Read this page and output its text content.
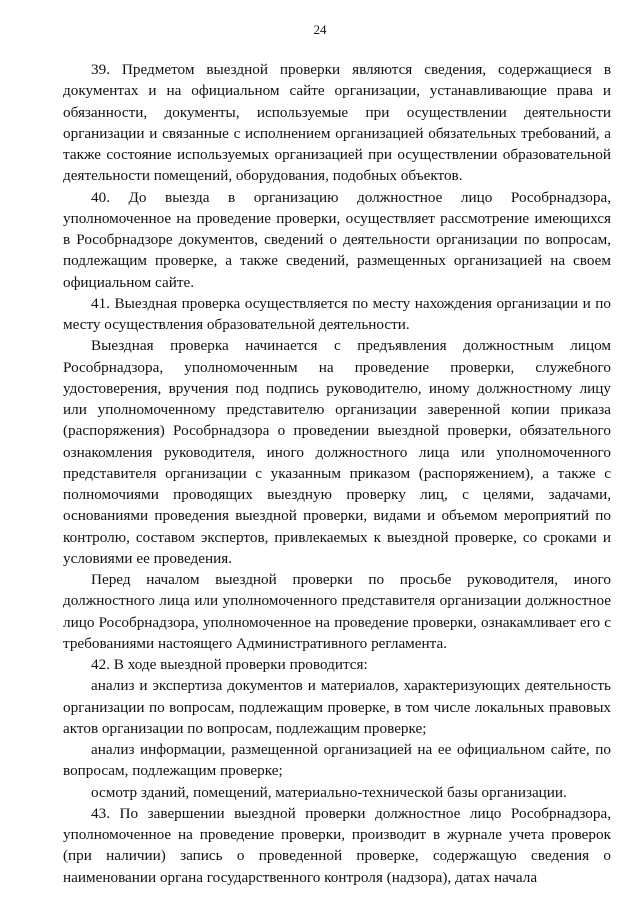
24

39. Предметом выездной проверки являются сведения, содержащиеся в документах и на официальном сайте организации, устанавливающие права и обязанности, документы, используемые при осуществлении деятельности организации и связанные с исполнением организацией обязательных требований, а также состояние используемых организацией при осуществлении образовательной деятельности помещений, оборудования, подобных объектов.

40. До выезда в организацию должностное лицо Рособрнадзора, уполномоченное на проведение проверки, осуществляет рассмотрение имеющихся в Рособрнадзоре документов, сведений о деятельности организации по вопросам, подлежащим проверке, а также сведений, размещенных организацией на своем официальном сайте.

41. Выездная проверка осуществляется по месту нахождения организации и по месту осуществления образовательной деятельности.

Выездная проверка начинается с предъявления должностным лицом Рособрнадзора, уполномоченным на проведение проверки, служебного удостоверения, вручения под подпись руководителю, иному должностному лицу или уполномоченному представителю организации заверенной копии приказа (распоряжения) Рособрнадзора о проведении выездной проверки, обязательного ознакомления руководителя, иного должностного лица или уполномоченного представителя организации с указанным приказом (распоряжением), а также с полномочиями проводящих выездную проверку лиц, с целями, задачами, основаниями проведения выездной проверки, видами и объемом мероприятий по контролю, составом экспертов, привлекаемых к выездной проверке, со сроками и условиями ее проведения.

Перед началом выездной проверки по просьбе руководителя, иного должностного лица или уполномоченного представителя организации должностное лицо Рособрнадзора, уполномоченное на проведение проверки, ознакамливает его с требованиями настоящего Административного регламента.

42. В ходе выездной проверки проводится:

анализ и экспертиза документов и материалов, характеризующих деятельность организации по вопросам, подлежащим проверке, в том числе локальных правовых актов организации по вопросам, подлежащим проверке;

анализ информации, размещенной организацией на ее официальном сайте, по вопросам, подлежащим проверке;

осмотр зданий, помещений, материально-технической базы организации.

43. По завершении выездной проверки должностное лицо Рособрнадзора, уполномоченное на проведение проверки, производит в журнале учета проверок (при наличии) запись о проведенной проверке, содержащую сведения о наименовании органа государственного контроля (надзора), датах начала
